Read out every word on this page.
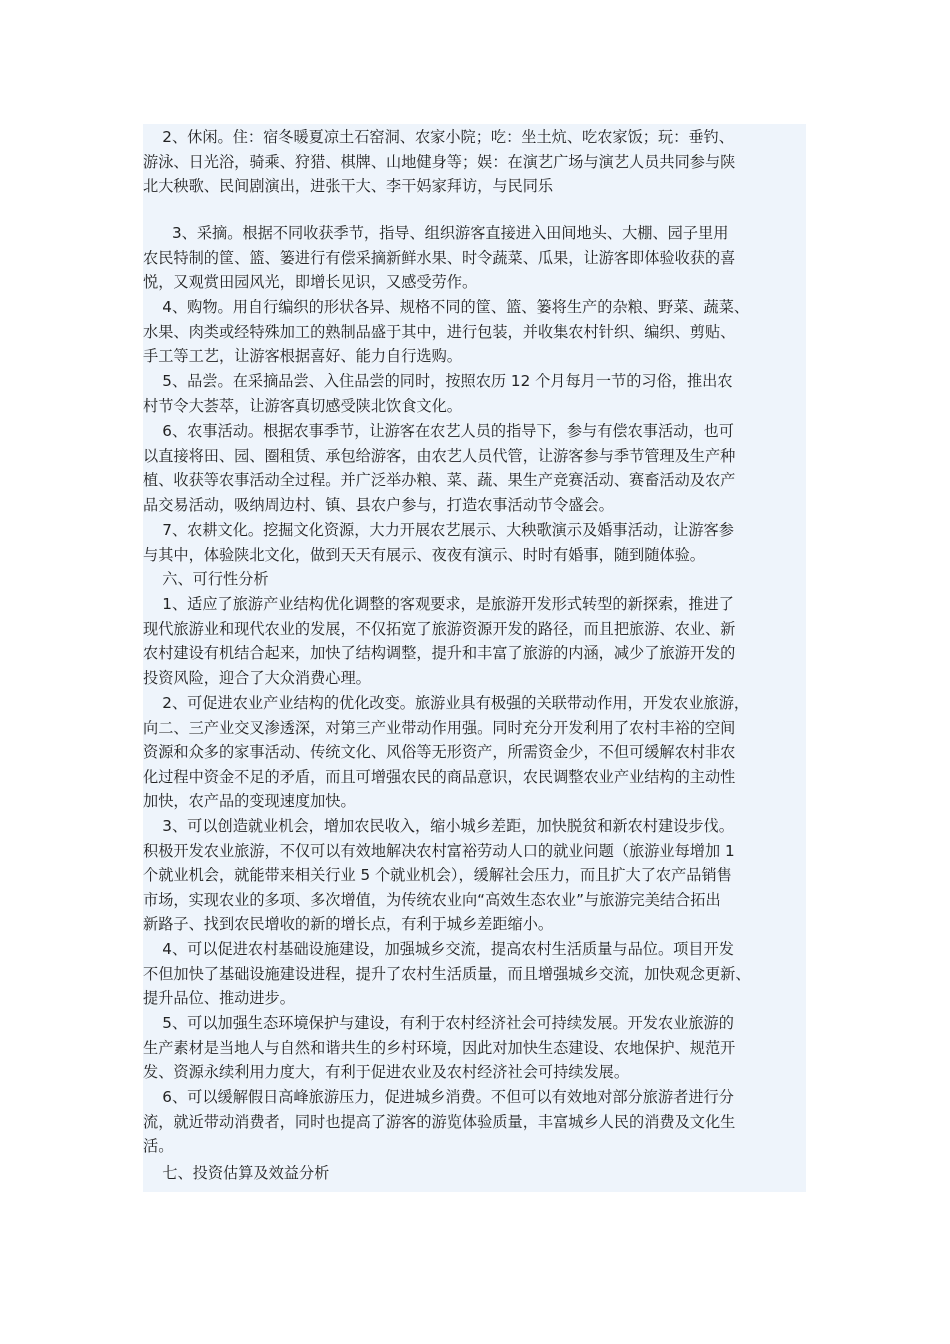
2、休闲。住：宿冬暖夏凉土石窑洞、农家小院；吃：坐土炕、吃农家饭；玩：垂钓、
游泳、日光浴，骑乘、狩猎、棋牌、山地健身等；娱：在演艺广场与演艺人员共同参与陕
北大秧歌、民间剧演出，进张干大、李干妈家拜访，与民同乐
3、采摘。根据不同收获季节，指导、组织游客直接进入田间地头、大棚、园子里用
农民特制的筐、篮、篓进行有偿采摘新鲜水果、时令蔬菜、瓜果，让游客即体验收获的喜
悦，又观赏田园风光，即增长见识，又感受劳作。
4、购物。用自行编织的形状各异、规格不同的筐、篮、篓将生产的杂粮、野菜、蔬菜、
水果、肉类或经特殊加工的熟制品盛于其中，进行包装，并收集农村针织、编织、剪贴、
手工等工艺，让游客根据喜好、能力自行选购。
5、品尝。在采摘品尝、入住品尝的同时，按照农历 12 个月每月一节的习俗，推出农
村节令大荟萃，让游客真切感受陕北饮食文化。
6、农事活动。根据农事季节，让游客在农艺人员的指导下，参与有偿农事活动，也可
以直接将田、园、圈租赁、承包给游客，由农艺人员代管，让游客参与季节管理及生产种
植、收获等农事活动全过程。并广泛举办粮、菜、蔬、果生产竞赛活动、赛畜活动及农产
品交易活动，吸纳周边村、镇、县农户参与，打造农事活动节令盛会。
7、农耕文化。挖掘文化资源，大力开展农艺展示、大秧歌演示及婚事活动，让游客参
与其中，体验陕北文化，做到天天有展示、夜夜有演示、时时有婚事，随到随体验。
六、可行性分析
1、适应了旅游产业结构优化调整的客观要求，是旅游开发形式转型的新探索，推进了
现代旅游业和现代农业的发展，不仅拓宽了旅游资源开发的路径，而且把旅游、农业、新
农村建设有机结合起来，加快了结构调整，提升和丰富了旅游的内涵，减少了旅游开发的
投资风险，迎合了大众消费心理。
2、可促进农业产业结构的优化改变。旅游业具有极强的关联带动作用，开发农业旅游，
向二、三产业交叉渗透深，对第三产业带动作用强。同时充分开发利用了农村丰裕的空间
资源和众多的家事活动、传统文化、风俗等无形资产，所需资金少，不但可缓解农村非农
化过程中资金不足的矛盾，而且可增强农民的商品意识，农民调整农业产业结构的主动性
加快，农产品的变现速度加快。
3、可以创造就业机会，增加农民收入，缩小城乡差距，加快脱贫和新农村建设步伐。
积极开发农业旅游，不仅可以有效地解决农村富裕劳动人口的就业问题（旅游业每增加 1
个就业机会，就能带来相关行业 5 个就业机会），缓解社会压力，而且扩大了农产品销售
市场，实现农业的多项、多次增值，为传统农业向“高效生态农业”与旅游完美结合拓出
新路子、找到农民增收的新的增长点，有利于城乡差距缩小。
4、可以促进农村基础设施建设，加强城乡交流，提高农村生活质量与品位。项目开发
不但加快了基础设施建设进程，提升了农村生活质量，而且增强城乡交流，加快观念更新、
提升品位、推动进步。
5、可以加强生态环境保护与建设，有利于农村经济社会可持续发展。开发农业旅游的
生产素材是当地人与自然和谐共生的乡村环境，因此对加快生态建设、农地保护、规范开
发、资源永续利用力度大，有利于促进农业及农村经济社会可持续发展。
6、可以缓解假日高峰旅游压力，促进城乡消费。不但可以有效地对部分旅游者进行分
流，就近带动消费者，同时也提高了游客的游览体验质量，丰富城乡人民的消费及文化生
活。
七、投资估算及效益分析
